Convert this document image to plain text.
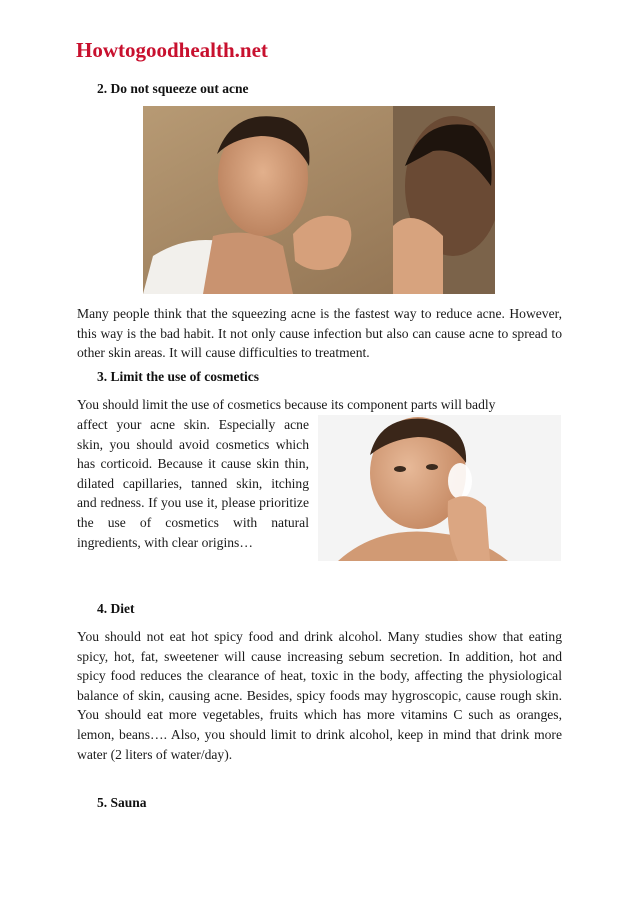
Howtogoodhealth.net
2. Do not squeeze out acne

Many people think that the squeezing acne is the fastest way to reduce acne. However, this way is the bad habit. It not only cause infection but also can cause acne to spread to other skin areas. It will cause difficulties to treatment.

3. Limit the use of cosmetics

You should limit the use of cosmetics because its component parts will badly

affect your acne skin. Especially acne skin, you should avoid cosmetics which has corticoid. Because it cause skin thin, dilated capillaries, tanned skin, itching and redness. If you use it, please prioritize the use of cosmetics with natural ingredients, with clear origins…

4. Diet

You should not eat hot spicy food and drink alcohol. Many studies show that eating spicy, hot, fat, sweetener will cause increasing sebum secretion. In addition, hot and spicy food reduces the clearance of heat, toxic in the body, affecting the physiological balance of skin, causing acne. Besides, spicy foods may hygroscopic, cause rough skin. You should eat more vegetables, fruits which has more vitamins C such as oranges, lemon, beans…. Also, you should limit to drink alcohol, keep in mind that drink more water (2 liters of water/day).

5. Sauna
